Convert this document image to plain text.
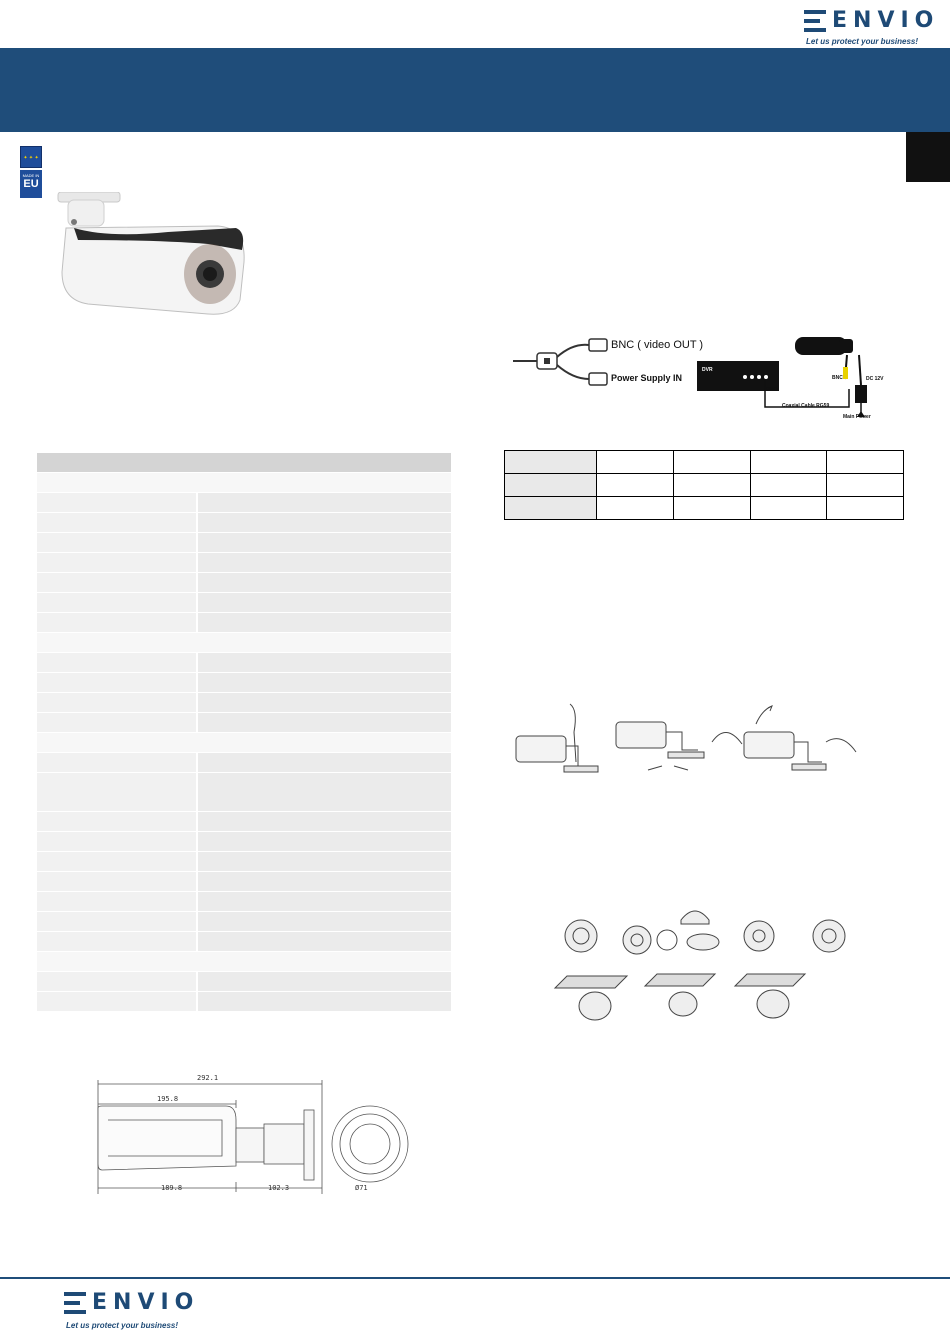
ENVIO
Let us protect your business!
✦ ✦ ✦
MADE IN
EU

BNC ( video OUT )
Power Supply IN
DVR
Coaxial Cable RG59
Main Power
BNC
BNC
DC 12V

292.1
195.8
189.8	102.3	Ø71
ENVIO
Let us protect your business!
